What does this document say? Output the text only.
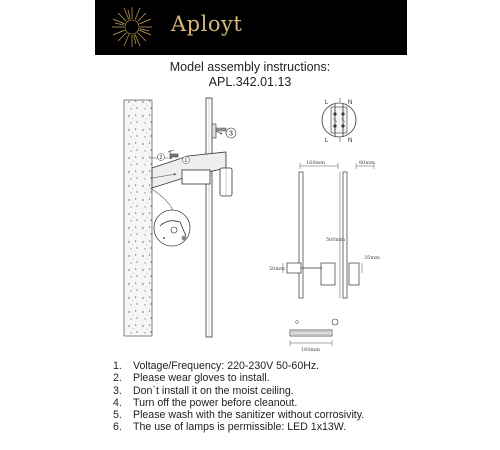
Aployt
Model assembly instructions:
APL.342.01.13
3
2	1
L	N
L	N
160mm
50mm
80mm
500mm
35mm
160mm
1. Voltage/Frequency: 220-230V 50-60Hz.
2. Please wear gloves to install.
3. Don`t install it on the moist ceiling.
4. Turn off the power before cleanout.
5. Please wash with the sanitizer without corrosivity.
6. The use of lamps is permissible: LED 1x13W.
